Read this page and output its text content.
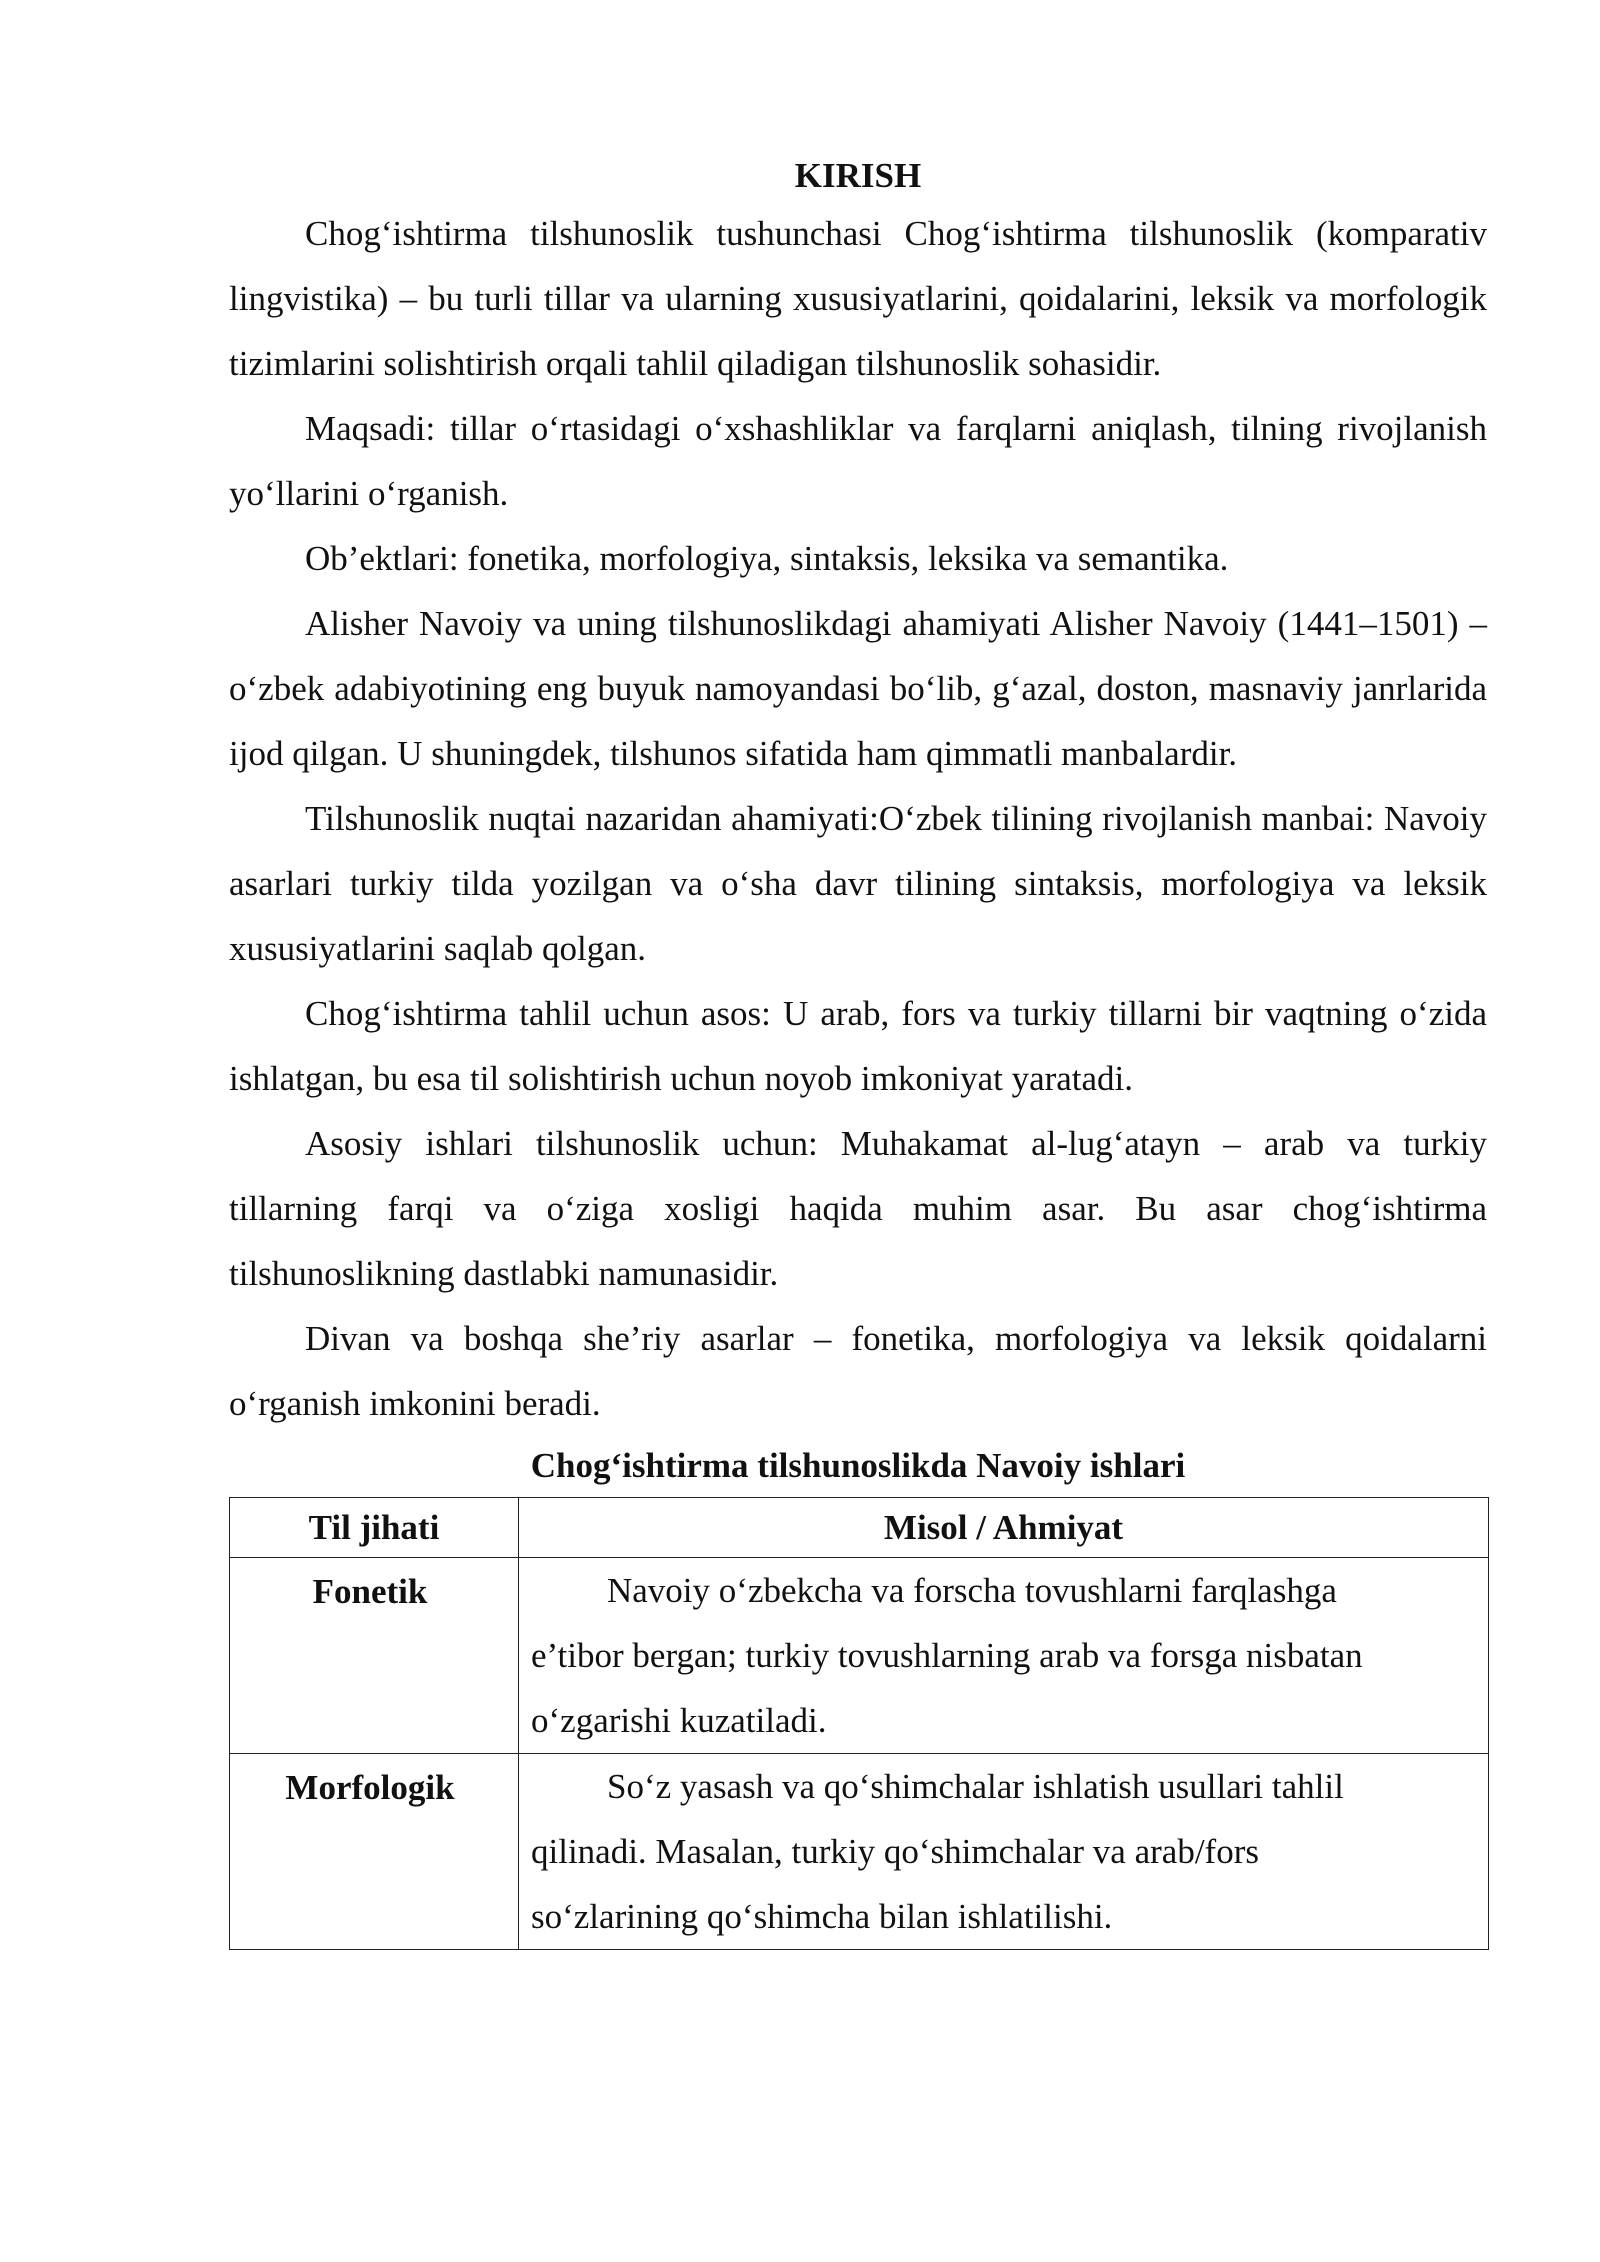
KIRISH

Chog‘ishtirma tilshunoslik tushunchasi Chog‘ishtirma tilshunoslik (komparativ lingvistika) – bu turli tillar va ularning xususiyatlarini, qoidalarini, leksik va morfologik tizimlarini solishtirish orqali tahlil qiladigan tilshunoslik sohasidir.

Maqsadi: tillar o‘rtasidagi o‘xshashliklar va farqlarni aniqlash, tilning rivojlanish yo‘llarini o‘rganish.

Ob’ektlari: fonetika, morfologiya, sintaksis, leksika va semantika.

Alisher Navoiy va uning tilshunoslikdagi ahamiyati Alisher Navoiy (1441–1501) – o‘zbek adabiyotining eng buyuk namoyandasi bo‘lib, g‘azal, doston, masnaviy janrlarida ijod qilgan. U shuningdek, tilshunos sifatida ham qimmatli manbalardir.

Tilshunoslik nuqtai nazaridan ahamiyati:O‘zbek tilining rivojlanish manbai: Navoiy asarlari turkiy tilda yozilgan va o‘sha davr tilining sintaksis, morfologiya va leksik xususiyatlarini saqlab qolgan.

Chog‘ishtirma tahlil uchun asos: U arab, fors va turkiy tillarni bir vaqtning o‘zida ishlatgan, bu esa til solishtirish uchun noyob imkoniyat yaratadi.

Asosiy ishlari tilshunoslik uchun: Muhakamat al-lug‘atayn – arab va turkiy tillarning farqi va o‘ziga xosligi haqida muhim asar. Bu asar chog‘ishtirma tilshunoslikning dastlabki namunasidir.

Divan va boshqa she’riy asarlar – fonetika, morfologiya va leksik qoidalarni o‘rganish imkonini beradi.

Chog‘ishtirma tilshunoslikda Navoiy ishlari
Til jihati	Misol / Ahmiyat
Fonetik	Navoiy o‘zbekcha va forscha tovushlarni farqlashga e’tibor bergan; turkiy tovushlarning arab va forsga nisbatan o‘zgarishi kuzatiladi.
Morfologik	So‘z yasash va qo‘shimchalar ishlatish usullari tahlil qilinadi. Masalan, turkiy qo‘shimchalar va arab/fors so‘zlarining qo‘shimcha bilan ishlatilishi.
